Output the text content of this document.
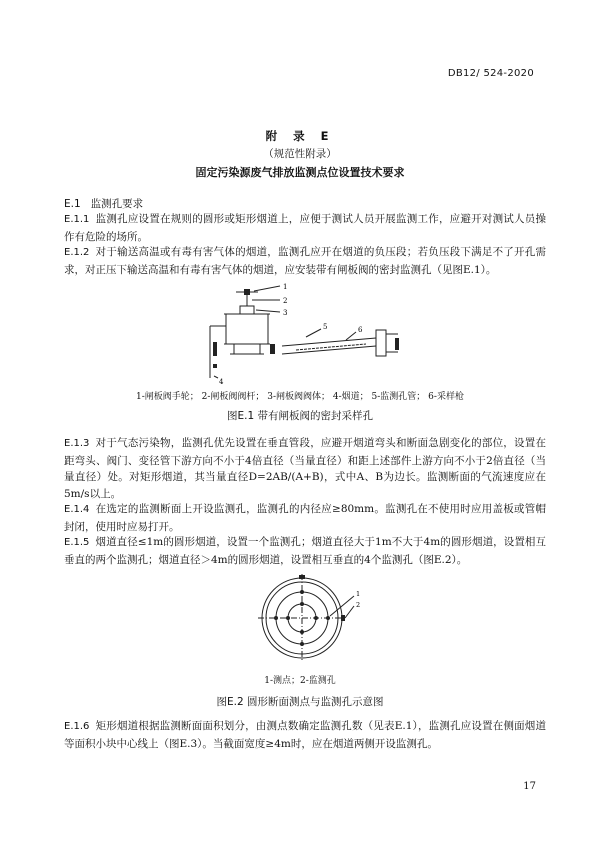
DB12/ 524-2020
附 录 E
（规范性附录）
固定污染源废气排放监测点位设置技术要求
E.1 监测孔要求
E.1.1 监测孔应设置在规则的圆形或矩形烟道上，应便于测试人员开展监测工作，应避开对测试人员操作有危险的场所。
E.1.2 对于输送高温或有毒有害气体的烟道，监测孔应开在烟道的负压段；若负压段下满足不了开孔需求，对正压下输送高温和有毒有害气体的烟道，应安装带有闸板阀的密封监测孔（见图E.1）。
1
2
3
4
5	6
1-闸板阀手轮； 2-闸板阀阀杆； 3-闸板阀阀体； 4-烟道； 5-监测孔管； 6-采样枪
图E.1 带有闸板阀的密封采样孔
E.1.3 对于气态污染物，监测孔优先设置在垂直管段，应避开烟道弯头和断面急剧变化的部位，设置在距弯头、阀门、变径管下游方向不小于4倍直径（当量直径）和距上述部件上游方向不小于2倍直径（当量直径）处。对矩形烟道，其当量直径D=2AB/(A+B)，式中A、B为边长。监测断面的气流速度应在5m/s以上。
E.1.4 在选定的监测断面上开设监测孔，监测孔的内径应≥80mm。监测孔在不使用时应用盖板或管帽封闭，使用时应易打开。
E.1.5 烟道直径≤1m的圆形烟道，设置一个监测孔；烟道直径大于1m不大于4m的圆形烟道，设置相互垂直的两个监测孔；烟道直径＞4m的圆形烟道，设置相互垂直的4个监测孔（图E.2）。
1
2
1-测点；2-监测孔
图E.2 圆形断面测点与监测孔示意图
E.1.6 矩形烟道根据监测断面面积划分，由测点数确定监测孔数（见表E.1），监测孔应设置在侧面烟道等面积小块中心线上（图E.3）。当截面宽度≥4m时，应在烟道两侧开设监测孔。
17
